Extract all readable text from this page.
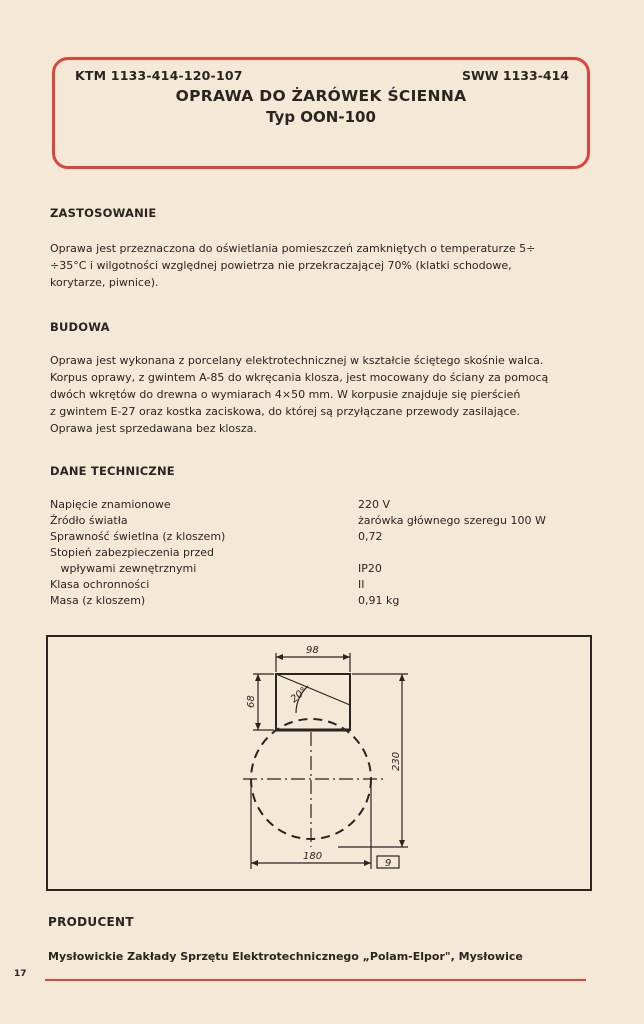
KTM 1133-414-120-107	SWW 1133-414
OPRAWA DO ŻARÓWEK ŚCIENNA
Typ OON-100
ZASTOSOWANIE
Oprawa jest przeznaczona do oświetlania pomieszczeń zamkniętych o temperaturze 5÷
÷35°C i wilgotności względnej powietrza nie przekraczającej 70% (klatki schodowe,
korytarze, piwnice).
BUDOWA
Oprawa jest wykonana z porcelany elektrotechnicznej w kształcie ściętego skośnie walca.
Korpus oprawy, z gwintem A-85 do wkręcania klosza, jest mocowany do ściany za pomocą
dwóch wkrętów do drewna o wymiarach 4×50 mm. W korpusie znajduje się pierścień
z gwintem E-27 oraz kostka zaciskowa, do której są przyłączane przewody zasilające.
Oprawa jest sprzedawana bez klosza.
DANE TECHNICZNE
Napięcie znamionowe	220 V
Źródło światła	żarówka głównego szeregu 100 W
Sprawność świetlna (z kloszem)	0,72
Stopień zabezpieczenia przed
wpływami zewnętrznymi	IP20
Klasa ochronności	II
Masa (z kloszem)	0,91 kg
98
68	20°
230
180
9
PRODUCENT
Mysłowickie Zakłady Sprzętu Elektrotechnicznego „Polam-Elpor", Mysłowice
17
